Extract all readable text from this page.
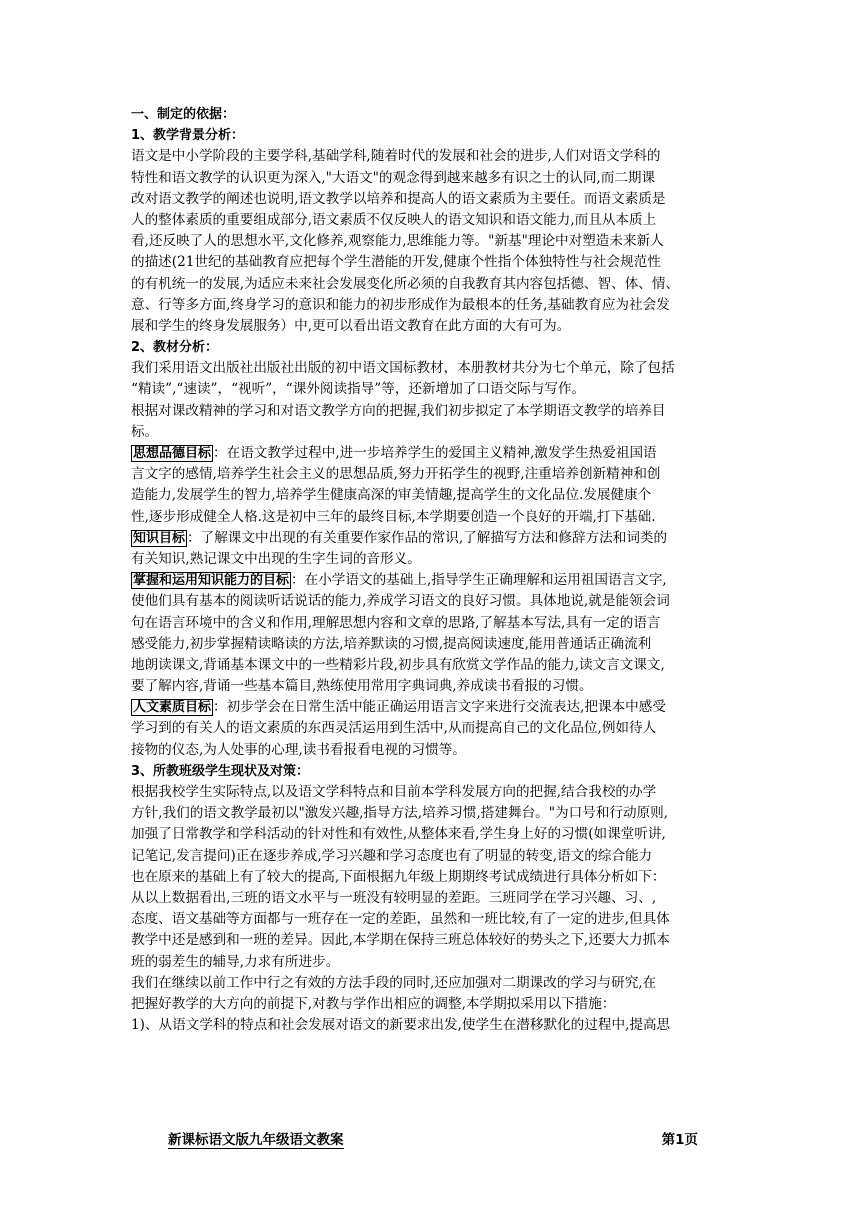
一、制定的依据：
1、教学背景分析：
语文是中小学阶段的主要学科,基础学科,随着时代的发展和社会的进步,人们对语文学科的
特性和语文教学的认识更为深入,"大语文"的观念得到越来越多有识之士的认同,而二期课
改对语文教学的阐述也说明,语文教学以培养和提高人的语文素质为主要任。而语文素质是
人的整体素质的重要组成部分,语文素质不仅反映人的语文知识和语文能力,而且从本质上
看,还反映了人的思想水平,文化修养,观察能力,思维能力等。"新基"理论中对塑造未来新人
的描述(21世纪的基础教育应把每个学生潜能的开发,健康个性指个体独特性与社会规范性
的有机统一的发展,为适应未来社会发展变化所必须的自我教育其内容包括德、智、体、情、
意、行等多方面,终身学习的意识和能力的初步形成作为最根本的任务,基础教育应为社会发
展和学生的终身发展服务）中,更可以看出语文教育在此方面的大有可为。
2、教材分析：
我们采用语文出版社出版社出版的初中语文国标教材，本册教材共分为七个单元，除了包括
“精读”,“速读”，“视听”，“课外阅读指导”等，还新增加了口语交际与写作。
根据对课改精神的学习和对语文教学方向的把握,我们初步拟定了本学期语文教学的培养目
标。
思想品德目标 ：在语文教学过程中,进一步培养学生的爱国主义精神,激发学生热爱祖国语
言文字的感情,培养学生社会主义的思想品质,努力开拓学生的视野,注重培养创新精神和创
造能力,发展学生的智力,培养学生健康高深的审美情趣,提高学生的文化品位.发展健康个
性,逐步形成健全人格.这是初中三年的最终目标,本学期要创造一个良好的开端,打下基础.
知识目标 ：了解课文中出现的有关重要作家作品的常识,了解描写方法和修辞方法和词类的
有关知识,熟记课文中出现的生字生词的音形义。
掌握和运用知识能力的目标 ：在小学语文的基础上,指导学生正确理解和运用祖国语言文字,
使他们具有基本的阅读听话说话的能力,养成学习语文的良好习惯。具体地说,就是能领会词
句在语言环境中的含义和作用,理解思想内容和文章的思路,了解基本写法,具有一定的语言
感受能力,初步掌握精读略读的方法,培养默读的习惯,提高阅读速度,能用普通话正确流利
地朗读课文,背诵基本课文中的一些精彩片段,初步具有欣赏文学作品的能力,读文言文课文,
要了解内容,背诵一些基本篇目,熟练使用常用字典词典,养成读书看报的习惯。
人文素质目标 ：初步学会在日常生活中能正确运用语言文字来进行交流表达,把课本中感受
学习到的有关人的语文素质的东西灵活运用到生活中,从而提高自己的文化品位,例如待人
接物的仪态,为人处事的心理,读书看报看电视的习惯等。
3、所教班级学生现状及对策：
根据我校学生实际特点,以及语文学科特点和目前本学科发展方向的把握,结合我校的办学
方针,我们的语文教学最初以"激发兴趣,指导方法,培养习惯,搭建舞台。"为口号和行动原则,
加强了日常教学和学科活动的针对性和有效性,从整体来看,学生身上好的习惯(如课堂听讲,
记笔记,发言提问)正在逐步养成,学习兴趣和学习态度也有了明显的转变,语文的综合能力
也在原来的基础上有了较大的提高,下面根据九年级上期期终考试成绩进行具体分析如下：
从以上数据看出,三班的语文水平与一班没有较明显的差距。三班同学在学习兴趣、习、,
态度、语文基础等方面都与一班存在一定的差距，虽然和一班比较,有了一定的进步,但具体
教学中还是感到和一班的差异。因此,本学期在保持三班总体较好的势头之下,还要大力抓本
班的弱差生的辅导,力求有所进步。
我们在继续以前工作中行之有效的方法手段的同时,还应加强对二期课改的学习与研究,在
把握好教学的大方向的前提下,对教与学作出相应的调整,本学期拟采用以下措施：
1)、从语文学科的特点和社会发展对语文的新要求出发,使学生在潜移默化的过程中,提高思
新课标语文版九年级语文教案	第1页
